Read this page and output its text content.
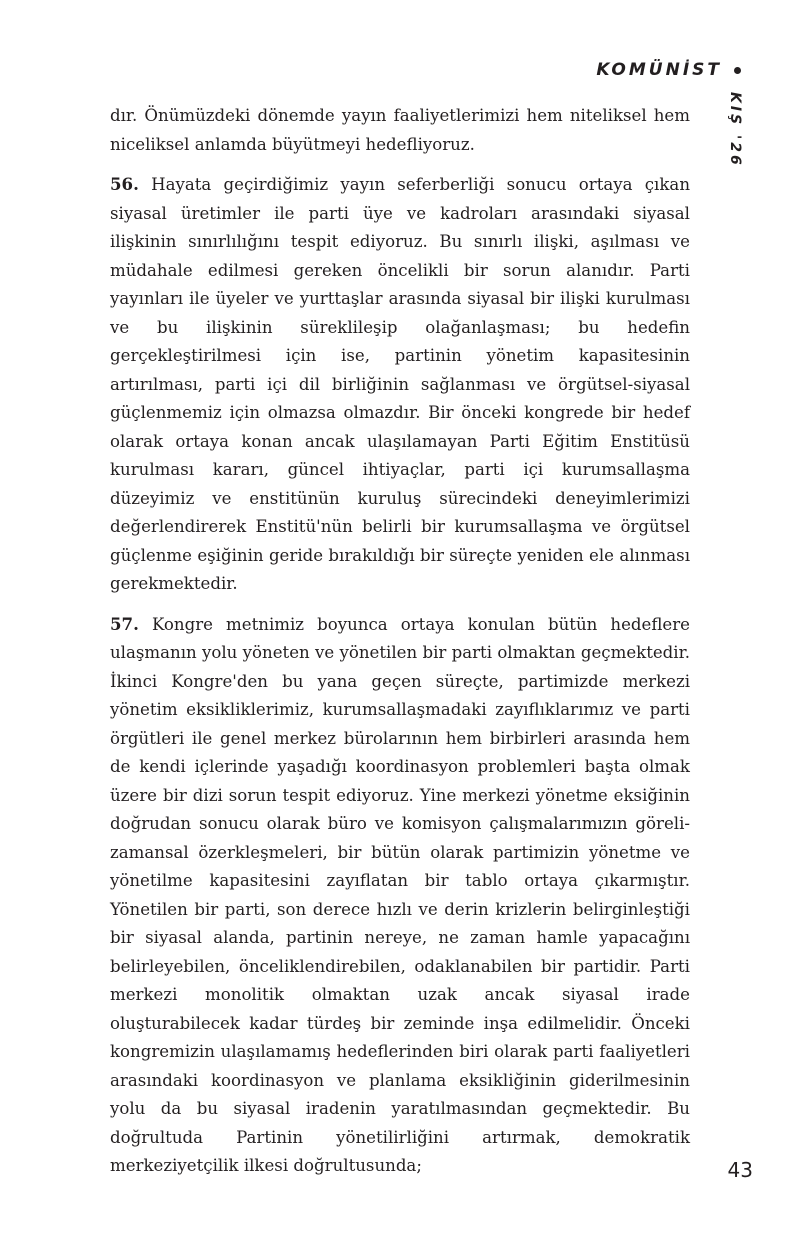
KOMÜNİST
KIŞ '26

dır. Önümüzdeki dönemde yayın faaliyetlerimizi hem niteliksel hem niceliksel anlamda büyütmeyi hedefliyoruz.

56. Hayata geçirdiğimiz yayın seferberliği sonucu ortaya çıkan siyasal üretimler ile parti üye ve kadroları arasındaki siyasal ilişkinin sınırlılığını tespit ediyoruz. Bu sınırlı ilişki, aşılması ve müdahale edilmesi gereken öncelikli bir sorun alanıdır. Parti yayınları ile üyeler ve yurttaşlar arasında siyasal bir ilişki kurulması ve bu ilişkinin süreklileşip olağanlaşması; bu hedefin gerçekleştirilmesi için ise, partinin yönetim kapasitesinin artırılması, parti içi dil birliğinin sağlanması ve örgütsel-siyasal güçlenmemiz için olmazsa olmazdır. Bir önceki kongrede bir hedef olarak ortaya konan ancak ulaşılamayan Parti Eğitim Enstitüsü kurulması kararı, güncel ihtiyaçlar, parti içi kurumsallaşma düzeyimiz ve enstitünün kuruluş sürecindeki deneyimlerimizi değerlendirerek Enstitü'nün belirli bir kurumsallaşma ve örgütsel güçlenme eşiğinin geride bırakıldığı bir süreçte yeniden ele alınması gerekmektedir.

57. Kongre metnimiz boyunca ortaya konulan bütün hedeflere ulaşmanın yolu yöneten ve yönetilen bir parti olmaktan geçmektedir. İkinci Kongre'den bu yana geçen süreçte, partimizde merkezi yönetim eksikliklerimiz, kurumsallaşmadaki zayıflıklarımız ve parti örgütleri ile genel merkez bürolarının hem birbirleri arasında hem de kendi içlerinde yaşadığı koordinasyon problemleri başta olmak üzere bir dizi sorun tespit ediyoruz. Yine merkezi yönetme eksiğinin doğrudan sonucu olarak büro ve komisyon çalışmalarımızın göreli-zamansal özerkleşmeleri, bir bütün olarak partimizin yönetme ve yönetilme kapasitesini zayıflatan bir tablo ortaya çıkarmıştır. Yönetilen bir parti, son derece hızlı ve derin krizlerin belirginleştiği bir siyasal alanda, partinin nereye, ne zaman hamle yapacağını belirleyebilen, önceliklendirebilen, odaklanabilen bir partidir. Parti merkezi monolitik olmaktan uzak ancak siyasal irade oluşturabilecek kadar türdeş bir zeminde inşa edilmelidir. Önceki kongremizin ulaşılamamış hedeflerinden biri olarak parti faaliyetleri arasındaki koordinasyon ve planlama eksikliğinin giderilmesinin yolu da bu siyasal iradenin yaratılmasından geçmektedir. Bu doğrultuda Partinin yönetilirliğini artırmak, demokratik merkeziyetçilik ilkesi doğrultusunda;	43
